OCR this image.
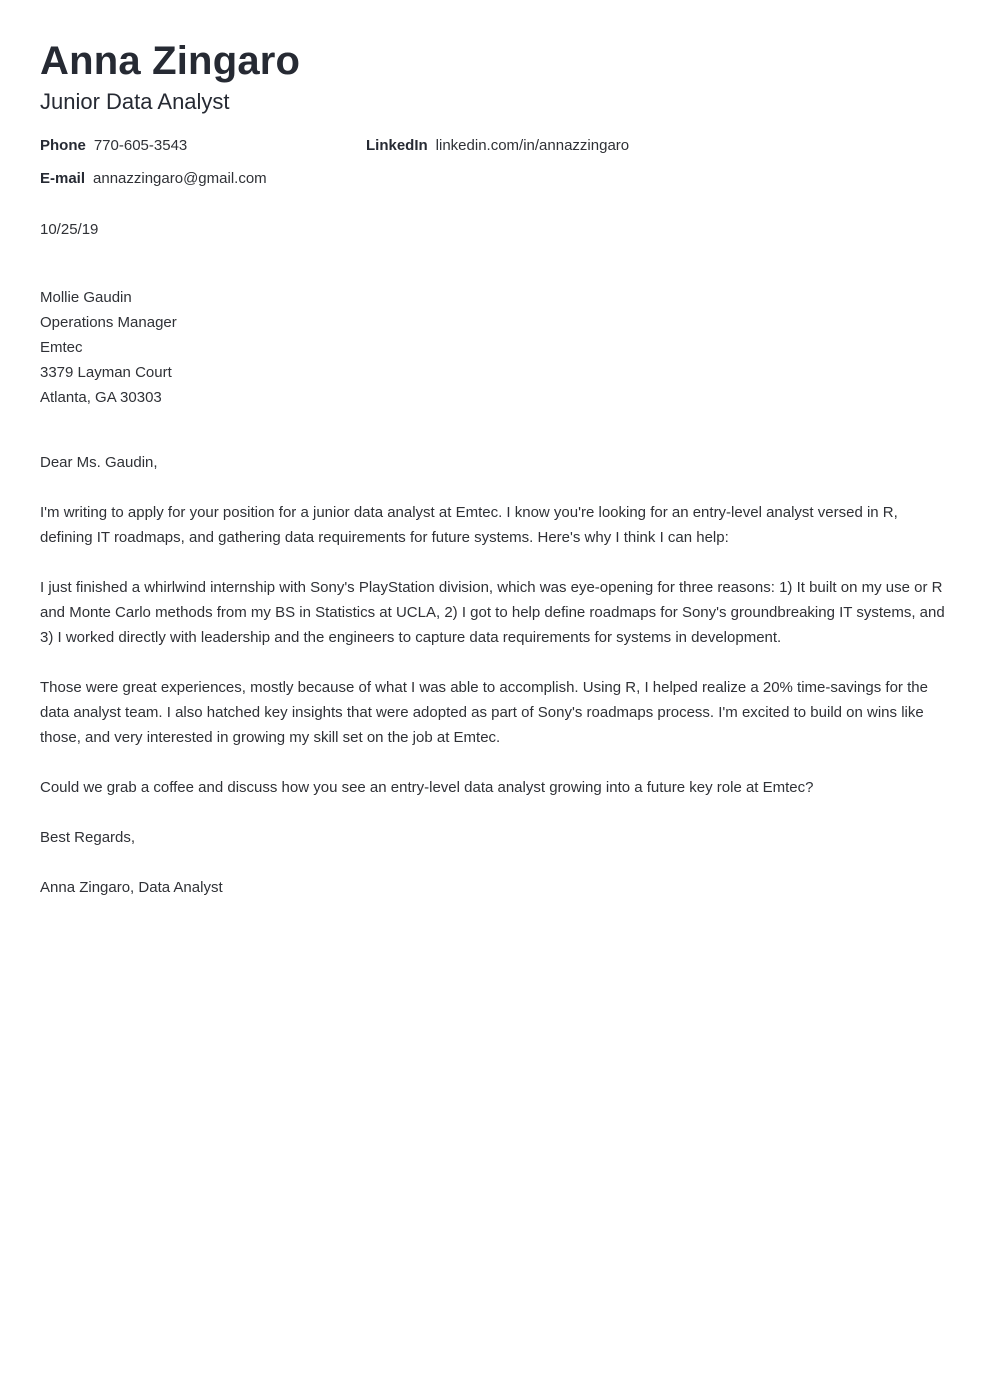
Anna Zingaro
Junior Data Analyst
Phone 770-605-3543	LinkedIn linkedin.com/in/annazzingaro
E-mail annazzingaro@gmail.com
10/25/19
Mollie Gaudin
Operations Manager
Emtec
3379 Layman Court
Atlanta, GA 30303

Dear Ms. Gaudin,

I'm writing to apply for your position for a junior data analyst at Emtec. I know you're looking for an entry-level analyst versed in R, defining IT roadmaps, and gathering data requirements for future systems. Here's why I think I can help:

I just finished a whirlwind internship with Sony's PlayStation division, which was eye-opening for three reasons: 1) It built on my use or R and Monte Carlo methods from my BS in Statistics at UCLA, 2) I got to help define roadmaps for Sony's groundbreaking IT systems, and 3) I worked directly with leadership and the engineers to capture data requirements for systems in development.

Those were great experiences, mostly because of what I was able to accomplish. Using R, I helped realize a 20% time-savings for the data analyst team. I also hatched key insights that were adopted as part of Sony's roadmaps process. I'm excited to build on wins like those, and very interested in growing my skill set on the job at Emtec.

Could we grab a coffee and discuss how you see an entry-level data analyst growing into a future key role at Emtec?

Best Regards,

Anna Zingaro, Data Analyst
